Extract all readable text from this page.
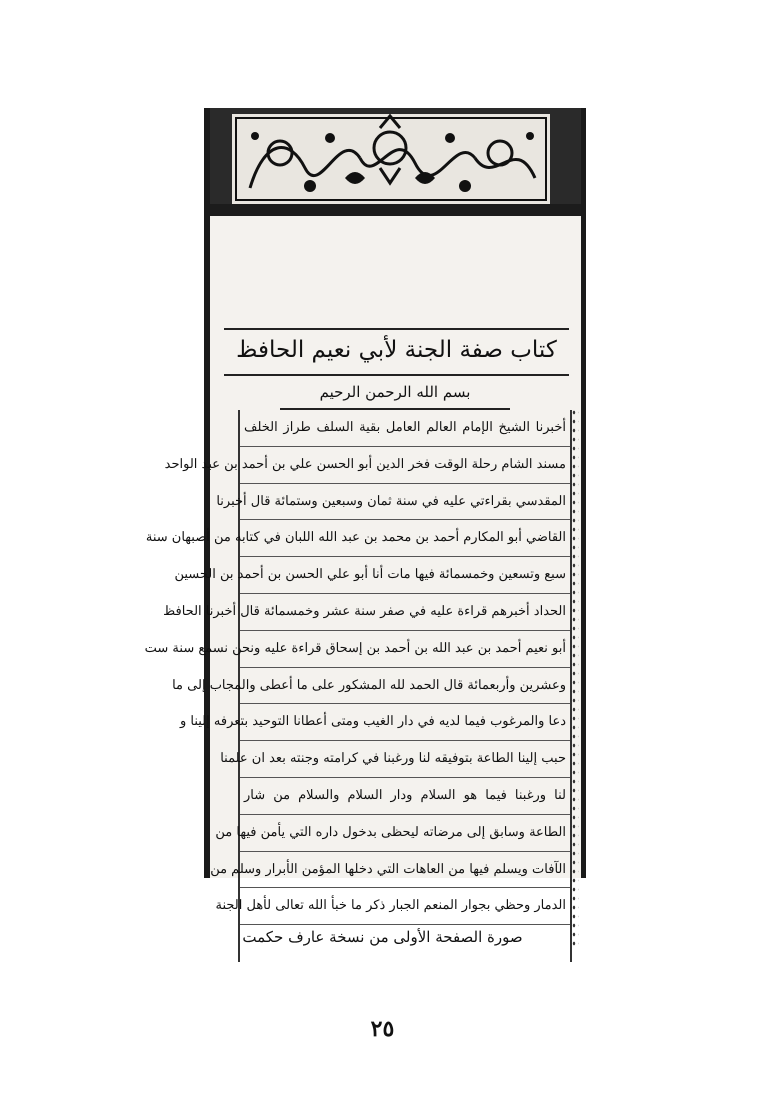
كتاب صفة الجنة لأبي نعيم الحافظ
بسم الله الرحمن الرحيم
أخبرنا الشيخ الإمام العالم العامل بقية السلف طراز الخلف
مسند الشام رحلة الوقت فخر الدين أبو الحسن علي بن أحمد بن عبد الواحد
المقدسي بقراءتي عليه في سنة ثمان وسبعين وستمائة قال أخبرنا
القاضي أبو المكارم أحمد بن محمد بن عبد الله اللبان في كتابه من أصبهان سنة
سبع وتسعين وخمسمائة فيها مات أنا أبو علي الحسن بن أحمد بن الحسين
الحداد أخبرهم قراءة عليه في صفر سنة عشر وخمسمائة قال أخبرنا الحافظ
أبو نعيم أحمد بن عبد الله بن أحمد بن إسحاق قراءة عليه ونحن نسمع سنة ست
وعشرين وأربعمائة قال الحمد لله المشكور على ما أعطى والمجاب إلى ما
دعا والمرغوب فيما لديه في دار الغيب ومتى أعطانا التوحيد بتعرفه إلينا و
حبب إلينا الطاعة بتوفيقه لنا ورغبنا في كرامته وجنته بعد ان علمنا
لنا ورغبنا فيما هو السلام ودار السلام والسلام من شار
الطاعة وسابق إلى مرضاته ليحظى بدخول داره التي يأمن فيها من
الآفات ويسلم فيها من العاهات التي دخلها المؤمن الأبرار وسلم من
الدمار وحظي بجوار المنعم الجبار ذكر ما خبأ الله تعالى لأهل الجنة
صورة الصفحة الأولى من نسخة عارف حكمت
٢٥
